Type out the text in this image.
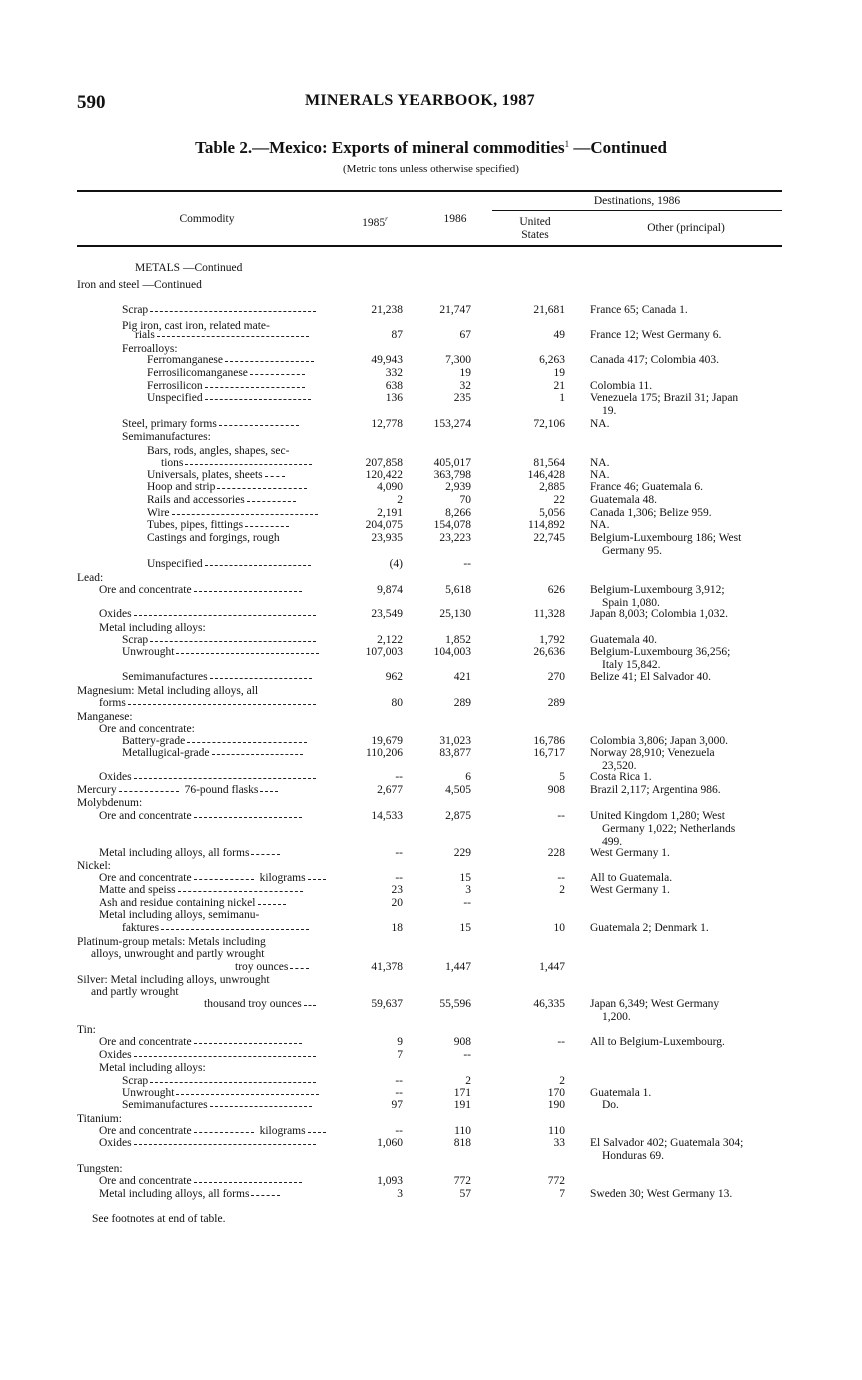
590	MINERALS YEARBOOK, 1987
Table 2.—Mexico: Exports of mineral commodities$^1$ —Continued
(Metric tons unless otherwise specified)
Commodity	1985$^r$	1986
Destinations, 1986
United
States
Other (principal)
METALS —Continued
Iron and steel —Continued
Scrap	21,238	21,747	21,681 France 65; Canada 1.
Pig iron, cast iron, related mate-
rials	87	67	49 France 12; West Germany 6.
Ferroalloys:
Ferromanganese	49,943	7,300	6,263 Canada 417; Colombia 403.
Ferrosilicomanganese	332	19	19
Ferrosilicon	638	32	21 Colombia 11.
Unspecified	136	235	1 Venezuela 175; Brazil 31; Japan
19.
Steel, primary forms	12,778	153,274	72,106 NA.
Semimanufactures:
Bars, rods, angles, shapes, sec-
tions	207,858	405,017	81,564 NA.
Universals, plates, sheets	120,422	363,798	146,428 NA.
Hoop and strip	4,090	2,939	2,885 France 46; Guatemala 6.
Rails and accessories	2	70	22 Guatemala 48.
Wire	2,191	8,266	5,056 Canada 1,306; Belize 959.
Tubes, pipes, fittings	204,075	154,078	114,892 NA.
Castings and forgings, rough	23,935	23,223	22,745 Belgium-Luxembourg 186; West
Germany 95.
Unspecified	(4)	--
Lead:
Ore and concentrate	9,874	5,618	626 Belgium-Luxembourg 3,912;
Spain 1,080.
Oxides	23,549	25,130	11,328 Japan 8,003; Colombia 1,032.
Metal including alloys:
Scrap	2,122	1,852	1,792 Guatemala 40.
Unwrought	107,003	104,003	26,636 Belgium-Luxembourg 36,256;
Italy 15,842.
Semimanufactures	962	421	270 Belize 41; El Salvador 40.
Magnesium: Metal including alloys, all
forms	80	289	289
Manganese:
Ore and concentrate:
Battery-grade	19,679	31,023	16,786 Colombia 3,806; Japan 3,000.
Metallugical-grade	110,206	83,877	16,717 Norway 28,910; Venezuela
23,520.
Oxides	--	6	5 Costa Rica 1.
Mercury	76-pound flasks	2,677	4,505	908 Brazil 2,117; Argentina 986.
Molybdenum:
Ore and concentrate	14,533	2,875	-- United Kingdom 1,280; West
Germany 1,022; Netherlands
499.
Metal including alloys, all forms	--	229	228 West Germany 1.
Nickel:
Ore and concentrate	kilograms	--	15	-- All to Guatemala.
Matte and speiss	23	3	2 West Germany 1.
Ash and residue containing nickel	20	--
Metal including alloys, semimanu-
faktures	18	15	10 Guatemala 2; Denmark 1.
Platinum-group metals: Metals including
alloys, unwrought and partly wrought
troy ounces	41,378	1,447	1,447
Silver: Metal including alloys, unwrought
and partly wrought
thousand troy ounces	59,637	55,596	46,335 Japan 6,349; West Germany
1,200.
Tin:
Ore and concentrate	9	908	-- All to Belgium-Luxembourg.
Oxides	7	--
Metal including alloys:
Scrap	--	2	2
Unwrought	--	171	170 Guatemala 1.
Semimanufactures	97	191	190	Do.
Titanium:
Ore and concentrate	kilograms	--	110	110
Oxides	1,060	818	33 El Salvador 402; Guatemala 304;
Honduras 69.
Tungsten:
Ore and concentrate	1,093	772	772
Metal including alloys, all forms	3	57	7 Sweden 30; West Germany 13.
See footnotes at end of table.
